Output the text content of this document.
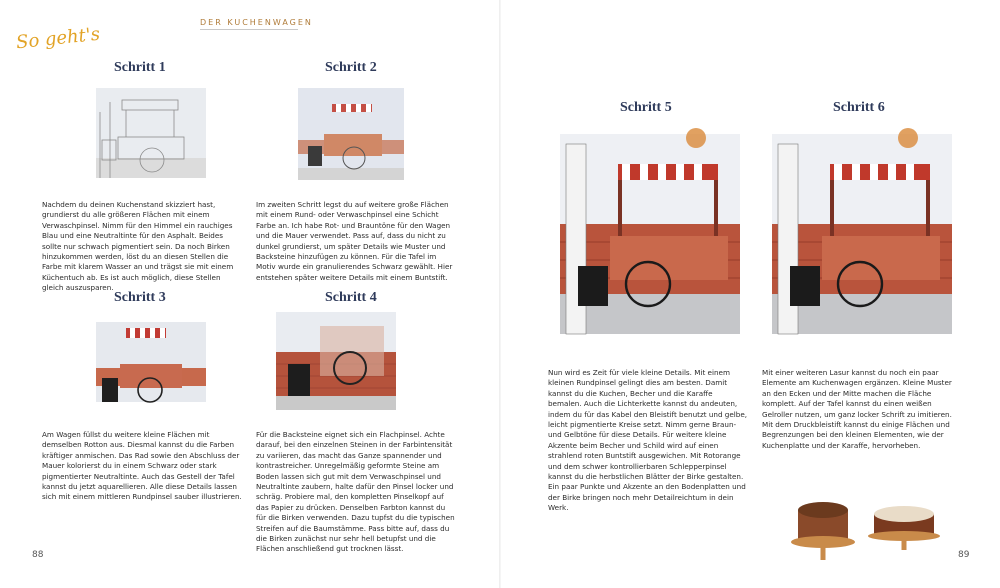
So geht's
DER KUCHENWAGEN
Schritt 1
Nachdem du deinen Kuchenstand skizziert hast, grundierst du alle größeren Flächen mit einem Verwaschpinsel. Nimm für den Himmel ein rauchiges Blau und eine Neutraltinte für den Asphalt. Beides sollte nur schwach pigmentiert sein. Da noch Birken hinzukommen werden, löst du an diesen Stellen die Farbe mit klarem Wasser an und trägst sie mit einem Küchentuch ab. Es ist auch möglich, diese Stellen gleich auszusparen.
Schritt 2
Im zweiten Schritt legst du auf weitere große Flächen mit einem Rund- oder Verwaschpinsel eine Schicht Farbe an. Ich habe Rot- und Brauntöne für den Wagen und die Mauer verwendet. Pass auf, dass du nicht zu dunkel grundierst, um später Details wie Muster und Backsteine hinzufügen zu können. Für die Tafel im Motiv wurde ein granulierendes Schwarz gewählt. Hier entstehen später weitere Details mit einem Buntstift.
Schritt 3
Am Wagen füllst du weitere kleine Flächen mit demselben Rotton aus. Diesmal kannst du die Farben kräftiger anmischen. Das Rad sowie den Abschluss der Mauer kolorierst du in einem Schwarz oder stark pigmentierter Neutraltinte. Auch das Gestell der Tafel kannst du jetzt aquarellieren. Alle diese Details lassen sich mit einem mittleren Rundpinsel sauber illustrieren.
Schritt 4
Für die Backsteine eignet sich ein Flachpinsel. Achte darauf, bei den einzelnen Steinen in der Farbintensität zu variieren, das macht das Ganze spannender und kontrastreicher. Unregelmäßig geformte Steine am Boden lassen sich gut mit dem Verwaschpinsel und Neutraltinte zaubern, halte dafür den Pinsel locker und schräg. Probiere mal, den kompletten Pinselkopf auf das Papier zu drücken. Denselben Farbton kannst du für die Birken verwenden. Dazu tupfst du die typischen Streifen auf die Baumstämme. Pass bitte auf, dass du die Birken zunächst nur sehr hell betupfst und die Flächen anschließend gut trocknen lässt.
Schritt 5
Nun wird es Zeit für viele kleine Details. Mit einem kleinen Rundpinsel gelingt dies am besten. Damit kannst du die Kuchen, Becher und die Karaffe bemalen. Auch die Lichterkette kannst du andeuten, indem du für das Kabel den Bleistift benutzt und gelbe, leicht pigmentierte Kreise setzt. Nimm gerne Braun- und Gelbtöne für diese Details. Für weitere kleine Akzente beim Becher und Schild wird auf einen strahlend roten Buntstift ausgewichen. Mit Rotorange und dem schwer kontrollierbaren Schlepperpinsel kannst du die herbstlichen Blätter der Birke gestalten. Ein paar Punkte und Akzente an den Bodenplatten und der Birke bringen noch mehr Detailreichtum in dein Werk.
Schritt 6
Mit einer weiteren Lasur kannst du noch ein paar Elemente am Kuchenwagen ergänzen. Kleine Muster an den Ecken und der Mitte machen die Fläche komplett. Auf der Tafel kannst du einen weißen Gelroller nutzen, um ganz locker Schrift zu imitieren. Mit dem Druckbleistift kannst du einige Flächen und Begrenzungen bei den kleinen Elementen, wie der Kuchenplatte und der Karaffe, hervorheben.
88	89
